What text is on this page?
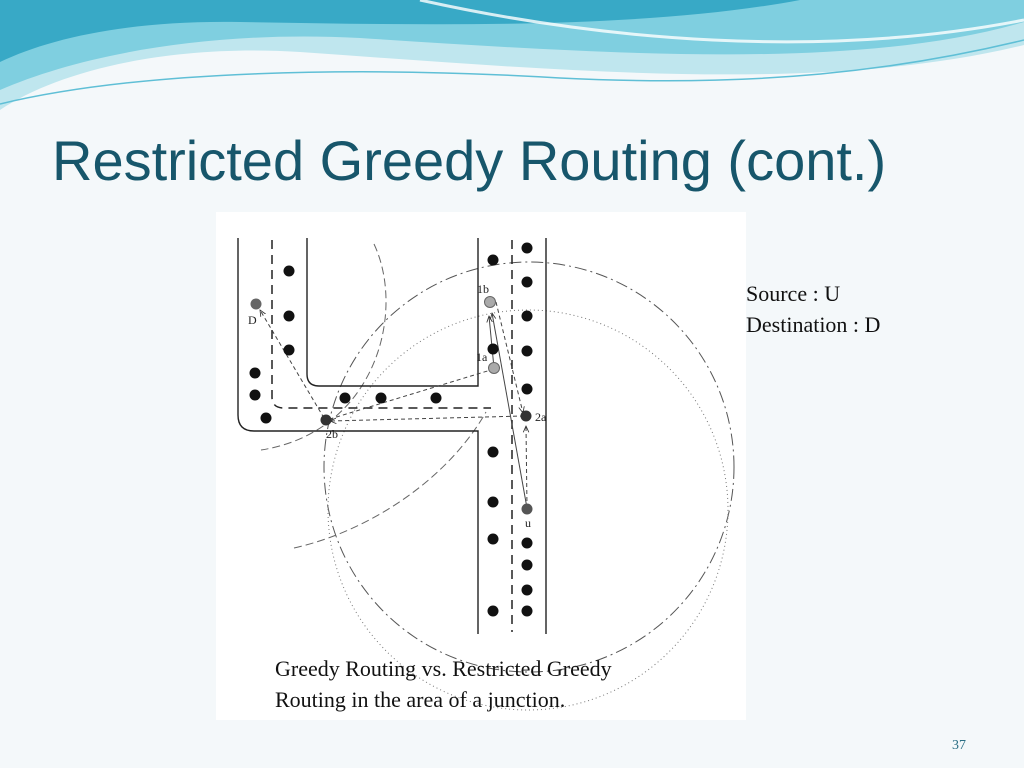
Restricted Greedy Routing (cont.)
D
1b
1a
2a
2b
u
Greedy Routing vs. Restricted Greedy
Routing in the area of a junction.
Source : U
Destination : D
37
